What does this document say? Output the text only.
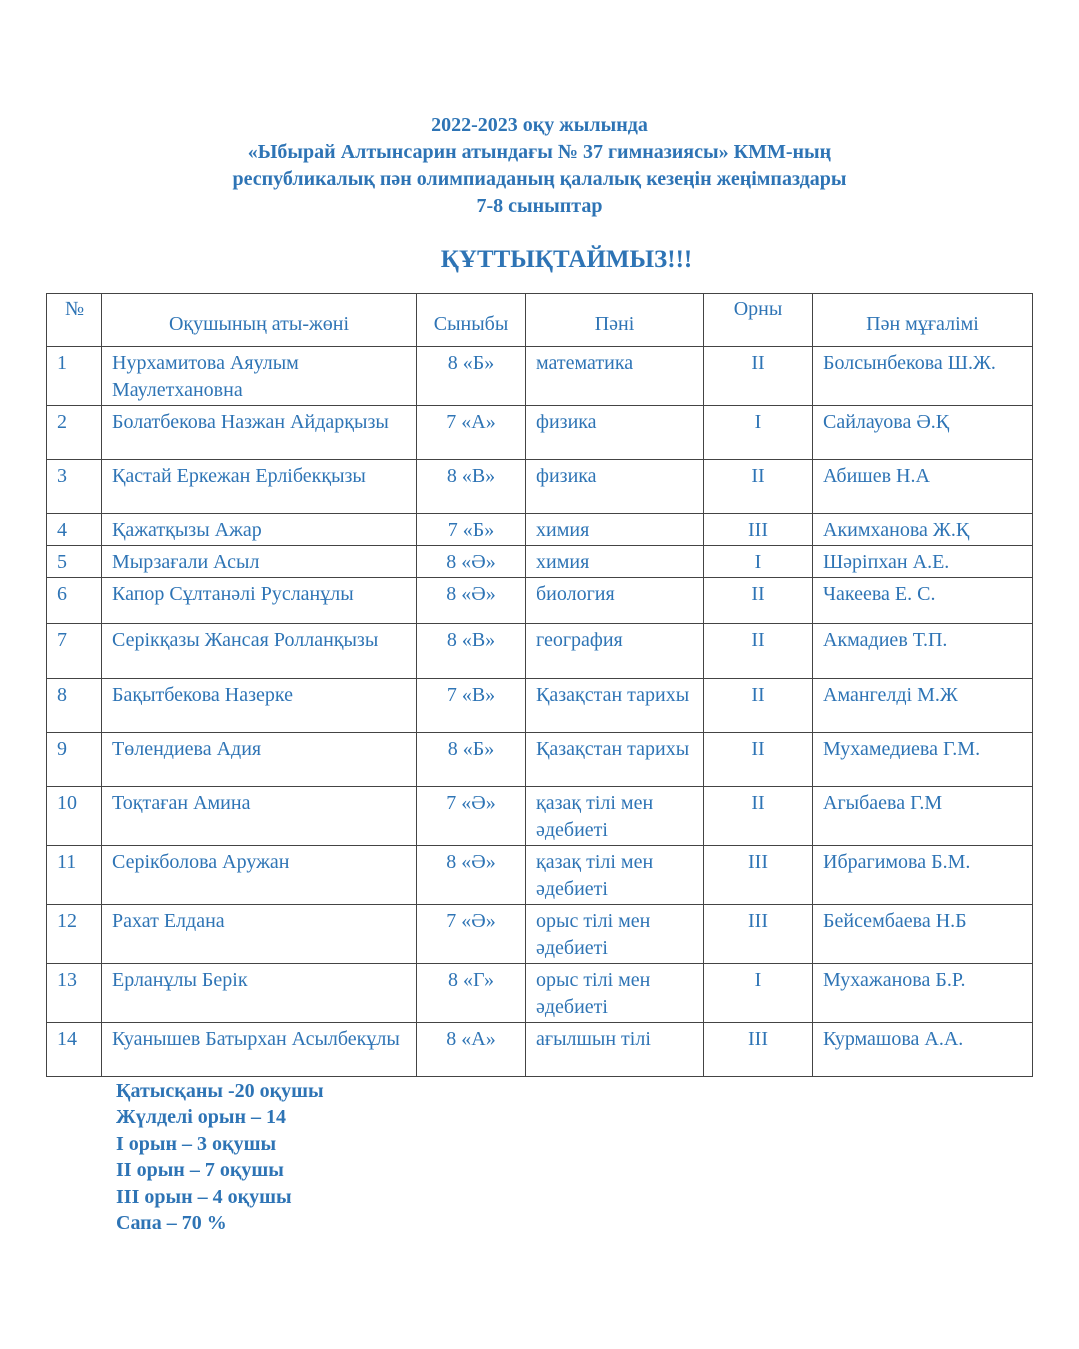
2022-2023 оқу жылында
«Ыбырай Алтынсарин атындағы № 37 гимназиясы» КММ-ның
республикалық пән олимпиаданың қалалық кезеңін жеңімпаздары
7-8 сыныптар
ҚҰТТЫҚТАЙМЫЗ!!!
№	Оқушының аты-жөні	Сыныбы	Пәні	Орны	Пән мұғалімі

1	Нурхамитова Аяулым Маулетхановна	8 «Б»	математика	II	Болсынбекова Ш.Ж.
2	Болатбекова Назжан Айдарқызы	7 «А»	физика	I	Сайлауова Ә.Қ
3	Қастай Еркежан Ерлібекқызы	8 «В»	физика	II	Абишев Н.А
4	Қажатқызы Ажар	7 «Б»	химия	III	Акимханова Ж.Қ
5	Мырзағали Асыл	8 «Ә»	химия	I	Шәріпхан А.Е.
6	Капор Сұлтанәлі Русланұлы	8 «Ә»	биология	II	Чакеева Е. С.
7	Серікқазы Жансая Ролланқызы	8 «В»	география	II	Акмадиев Т.П.
8	Бақытбекова Назерке	7 «В»	Қазақстан тарихы	II	Амангелді М.Ж
9	Төлендиева Адия	8 «Б»	Қазақстан тарихы	II	Мухамедиева Г.М.
10	Тоқтаған Амина	7 «Ә»	қазақ тілі мен әдебиеті	II	Агыбаева Г.М
11	Серікболова Аружан	8 «Ә»	қазақ тілі мен әдебиеті	III	Ибрагимова Б.М.
12	Рахат Елдана	7 «Ә»	орыс тілі мен әдебиеті	III	Бейсембаева Н.Б
13	Ерланұлы Берік	8 «Г»	орыс тілі мен әдебиеті	I	Мухажанова Б.Р.
14	Куанышев Батырхан Асылбекұлы	8 «А»	ағылшын тілі	III	Курмашова А.А.
Қатысқаны -20 оқушы
Жүлделі орын – 14
I орын – 3 оқушы
II орын – 7 оқушы
III орын – 4 оқушы
Сапа – 70 %
